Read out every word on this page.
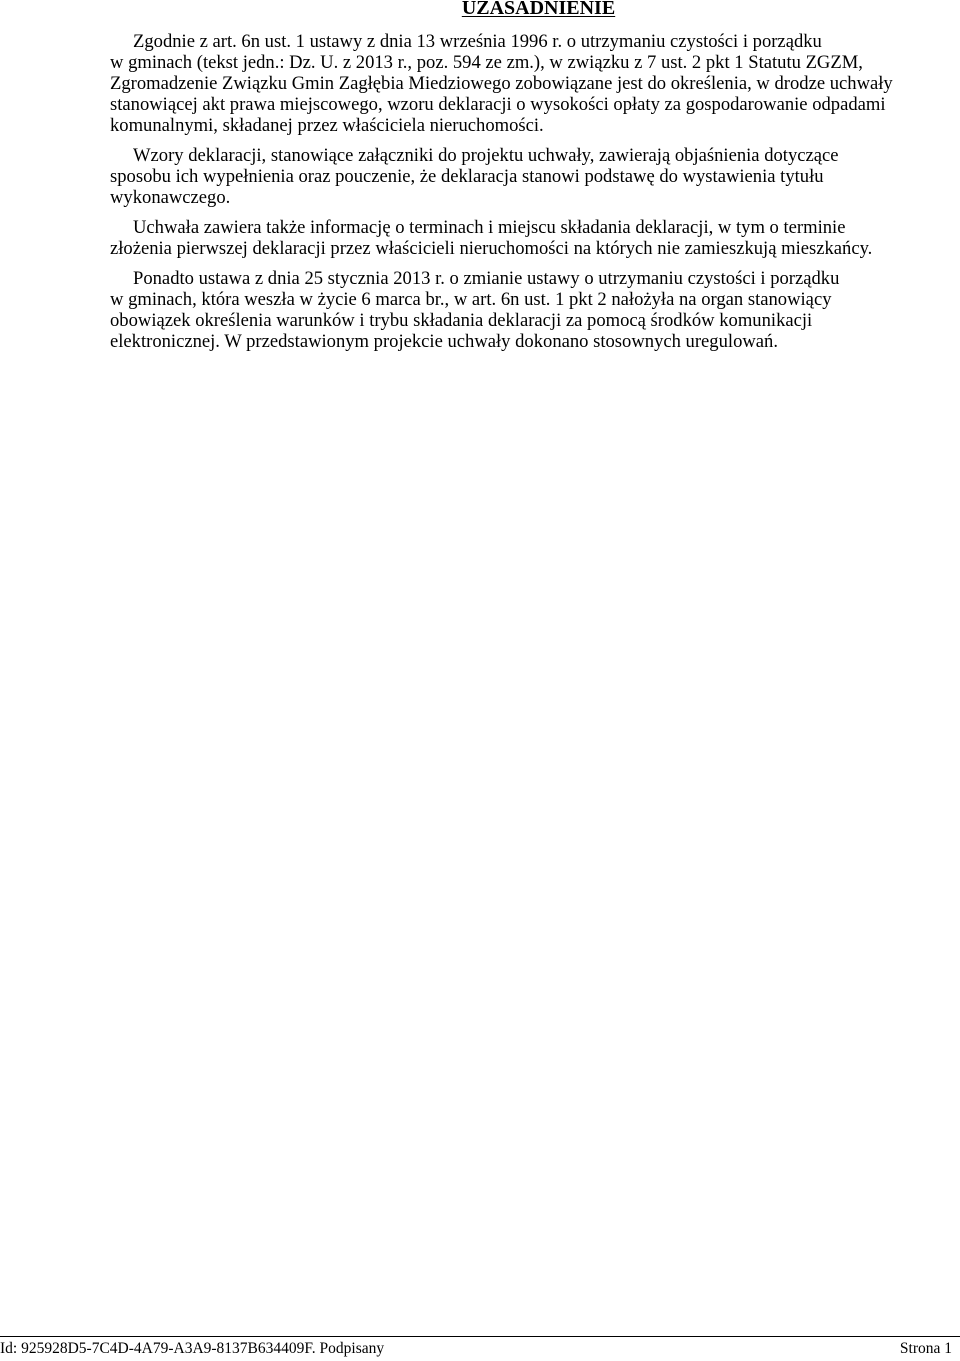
UZASADNIENIE

Zgodnie z art. 6n ust. 1 ustawy z dnia 13 września 1996 r. o utrzymaniu czystości i porządku
w gminach (tekst jedn.: Dz. U. z 2013 r., poz. 594 ze zm.), w związku z 7 ust. 2 pkt 1 Statutu ZGZM,
Zgromadzenie Związku Gmin Zagłębia Miedziowego zobowiązane jest do określenia, w drodze uchwały
stanowiącej akt prawa miejscowego, wzoru deklaracji o wysokości opłaty za gospodarowanie odpadami
komunalnymi, składanej przez właściciela nieruchomości.

Wzory deklaracji, stanowiące załączniki do projektu uchwały, zawierają objaśnienia dotyczące
sposobu ich wypełnienia oraz pouczenie, że deklaracja stanowi podstawę do wystawienia tytułu
wykonawczego.

Uchwała zawiera także informację o terminach i miejscu składania deklaracji, w tym o terminie
złożenia pierwszej deklaracji przez właścicieli nieruchomości na których nie zamieszkują mieszkańcy.

Ponadto ustawa z dnia 25 stycznia 2013 r. o zmianie ustawy o utrzymaniu czystości i porządku
w gminach, która weszła w życie 6 marca br., w art. 6n ust. 1 pkt 2 nałożyła na organ stanowiący
obowiązek określenia warunków i trybu składania deklaracji za pomocą środków komunikacji
elektronicznej. W przedstawionym projekcie uchwały dokonano stosownych uregulowań.

Id: 925928D5-7C4D-4A79-A3A9-8137B634409F. Podpisany	Strona 1
